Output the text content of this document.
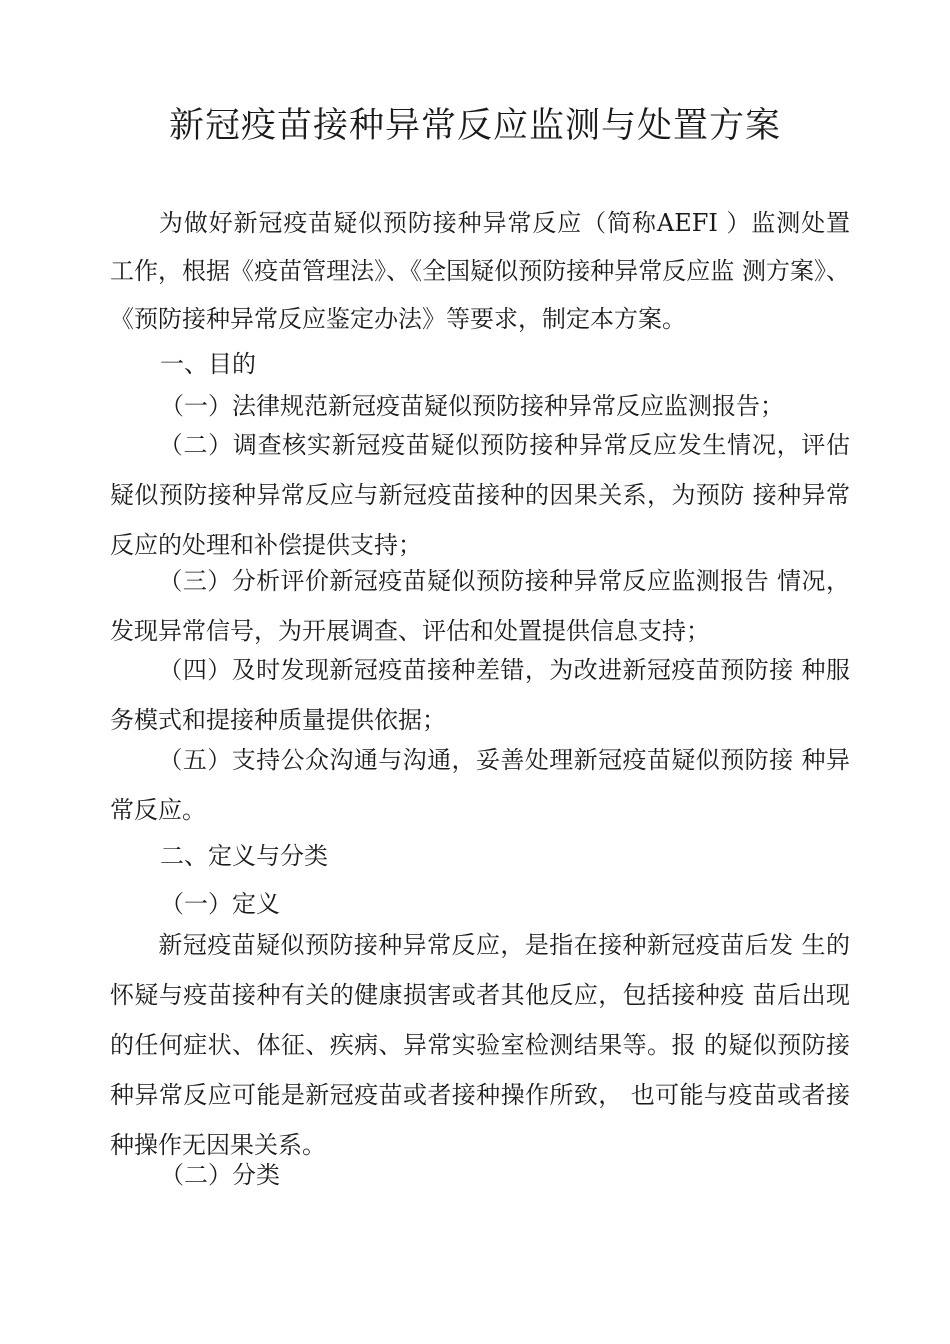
新冠疫苗接种异常反应监测与处置方案
为做好新冠疫苗疑似预防接种异常反应（简称AEFI ）监测处置工作，根据《疫苗管理法》、《全国疑似预防接种异常反应监 测方案》、《预防接种异常反应鉴定办法》等要求，制定本方案。
一、目的
（一）法律规范新冠疫苗疑似预防接种异常反应监测报告；
（二）调查核实新冠疫苗疑似预防接种异常反应发生情况，评估疑似预防接种异常反应与新冠疫苗接种的因果关系，为预防 接种异常反应的处理和补偿提供支持；
（三）分析评价新冠疫苗疑似预防接种异常反应监测报告 情况，发现异常信号，为开展调查、评估和处置提供信息支持；
（四）及时发现新冠疫苗接种差错，为改进新冠疫苗预防接 种服务模式和提接种质量提供依据；
（五）支持公众沟通与沟通，妥善处理新冠疫苗疑似预防接 种异常反应。
二、定义与分类
（一）定义
新冠疫苗疑似预防接种异常反应，是指在接种新冠疫苗后发 生的怀疑与疫苗接种有关的健康损害或者其他反应，包括接种疫 苗后出现的任何症状、体征、疾病、异常实验室检测结果等。报 的疑似预防接种异常反应可能是新冠疫苗或者接种操作所致， 也可能与疫苗或者接种操作无因果关系。
（二）分类
